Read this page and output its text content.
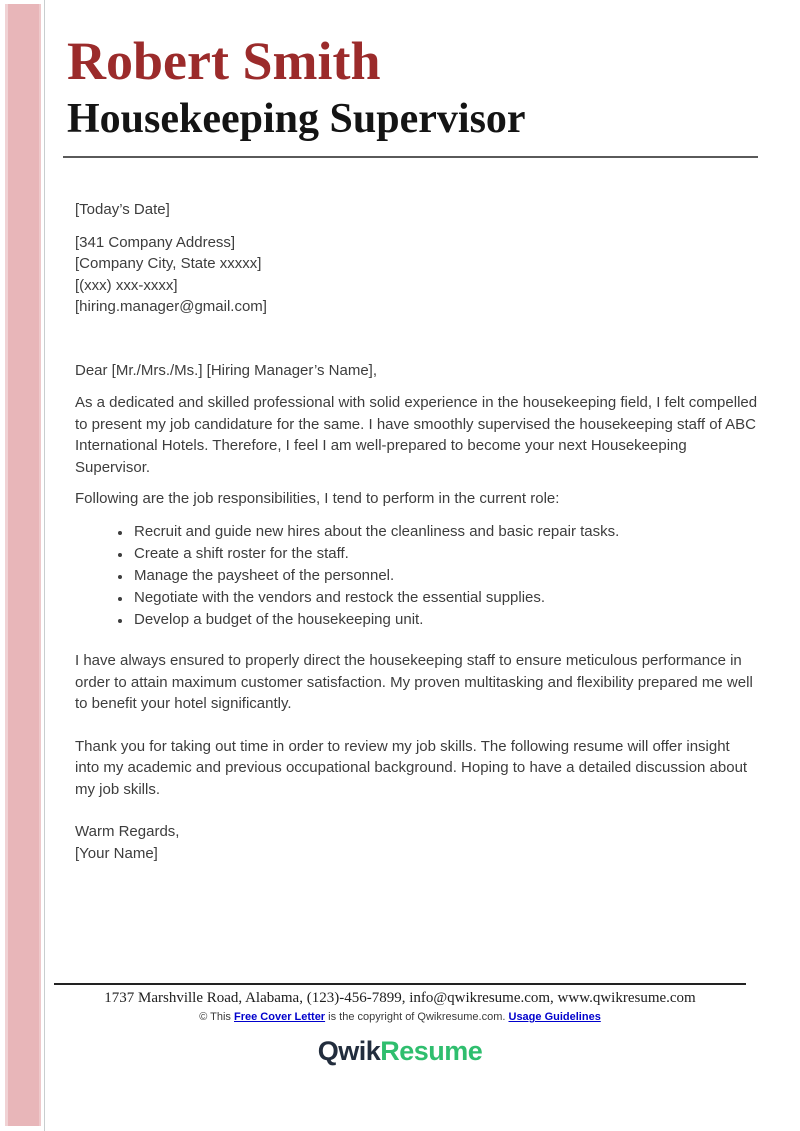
Robert Smith
Housekeeping Supervisor

[Today’s Date]

[341 Company Address]
[Company City, State xxxxx]
[(xxx) xxx-xxxx]
[hiring.manager@gmail.com]

Dear [Mr./Mrs./Ms.] [Hiring Manager’s Name],

As a dedicated and skilled professional with solid experience in the housekeeping field, I felt compelled to present my job candidature for the same. I have smoothly supervised the housekeeping staff of ABC International Hotels. Therefore, I feel I am well-prepared to become your next Housekeeping Supervisor.

Following are the job responsibilities, I tend to perform in the current role:

• Recruit and guide new hires about the cleanliness and basic repair tasks.
• Create a shift roster for the staff.
• Manage the paysheet of the personnel.
• Negotiate with the vendors and restock the essential supplies.
• Develop a budget of the housekeeping unit.

I have always ensured to properly direct the housekeeping staff to ensure meticulous performance in order to attain maximum customer satisfaction. My proven multitasking and flexibility prepared me well to benefit your hotel significantly.

Thank you for taking out time in order to review my job skills. The following resume will offer insight into my academic and previous occupational background. Hoping to have a detailed discussion about my job skills.

Warm Regards,

[Your Name]

1737 Marshville Road, Alabama, (123)-456-7899, info@qwikresume.com, www.qwikresume.com
© This Free Cover Letter is the copyright of Qwikresume.com. Usage Guidelines
QwikResume
